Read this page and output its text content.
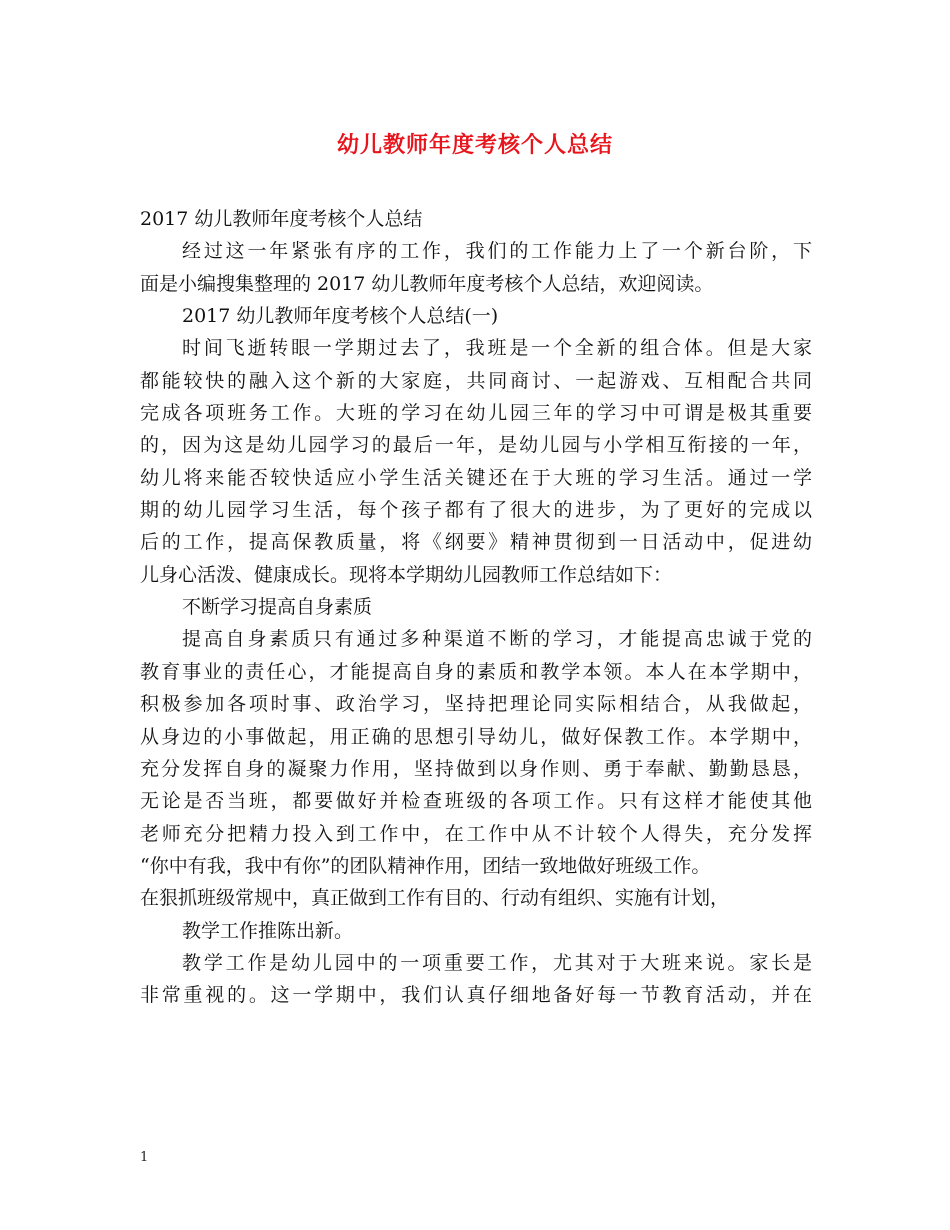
幼儿教师年度考核个人总结
2017 幼儿教师年度考核个人总结
经过这一年紧张有序的工作，我们的工作能力上了一个新台阶，下
面是小编搜集整理的 2017 幼儿教师年度考核个人总结，欢迎阅读。
2017 幼儿教师年度考核个人总结(一)
时间飞逝转眼一学期过去了，我班是一个全新的组合体。但是大家
都能较快的融入这个新的大家庭，共同商讨、一起游戏、互相配合共同
完成各项班务工作。大班的学习在幼儿园三年的学习中可谓是极其重要
的，因为这是幼儿园学习的最后一年，是幼儿园与小学相互衔接的一年，
幼儿将来能否较快适应小学生活关键还在于大班的学习生活。通过一学
期的幼儿园学习生活，每个孩子都有了很大的进步，为了更好的完成以
后的工作，提高保教质量，将《纲要》精神贯彻到一日活动中，促进幼
儿身心活泼、健康成长。现将本学期幼儿园教师工作总结如下：
不断学习提高自身素质
提高自身素质只有通过多种渠道不断的学习，才能提高忠诚于党的
教育事业的责任心，才能提高自身的素质和教学本领。本人在本学期中，
积极参加各项时事、政治学习，坚持把理论同实际相结合，从我做起，
从身边的小事做起，用正确的思想引导幼儿，做好保教工作。本学期中，
充分发挥自身的凝聚力作用，坚持做到以身作则、勇于奉献、勤勤恳恳，
无论是否当班，都要做好并检查班级的各项工作。只有这样才能使其他
老师充分把精力投入到工作中，在工作中从不计较个人得失，充分发挥
“你中有我，我中有你”的团队精神作用，团结一致地做好班级工作。
在狠抓班级常规中，真正做到工作有目的、行动有组织、实施有计划，
教学工作推陈出新。
教学工作是幼儿园中的一项重要工作，尤其对于大班来说。家长是
非常重视的。这一学期中，我们认真仔细地备好每一节教育活动，并在
1
